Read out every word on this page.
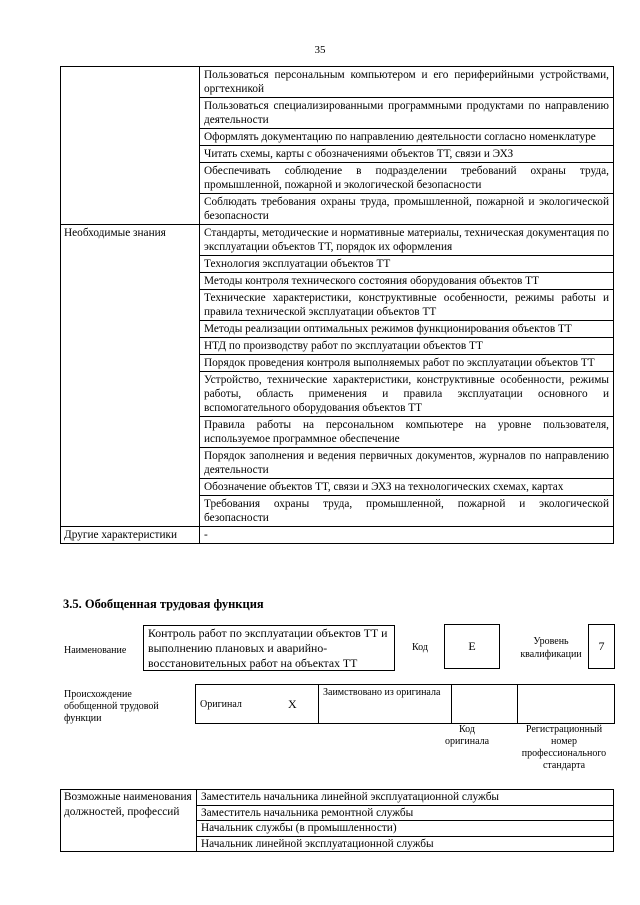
35
	Пользоваться персональным компьютером и его периферийными устройствами, оргтехникой
	Пользоваться специализированными программными продуктами по направлению деятельности
	Оформлять документацию по направлению деятельности согласно номенклатуре
	Читать схемы, карты с обозначениями объектов ТТ, связи и ЭХЗ
	Обеспечивать соблюдение в подразделении требований охраны труда, промышленной, пожарной и экологической безопасности
	Соблюдать требования охраны труда, промышленной, пожарной и экологической безопасности
Необходимые знания	Стандарты, методические и нормативные материалы, техническая документация по эксплуатации объектов ТТ, порядок их оформления
	Технология эксплуатации объектов ТТ
	Методы контроля технического состояния оборудования объектов ТТ
	Технические характеристики, конструктивные особенности, режимы работы и правила технической эксплуатации объектов ТТ
	Методы реализации оптимальных режимов функционирования объектов ТТ
	НТД по производству работ по эксплуатации объектов ТТ
	Порядок проведения контроля выполняемых работ по эксплуатации объектов ТТ
	Устройство, технические характеристики, конструктивные особенности, режимы работы, область применения и правила эксплуатации основного и вспомогательного оборудования объектов ТТ
	Правила работы на персональном компьютере на уровне пользователя, используемое программное обеспечение
	Порядок заполнения и ведения первичных документов, журналов по направлению деятельности
	Обозначение объектов ТТ, связи и ЭХЗ на технологических схемах, картах
	Требования охраны труда, промышленной, пожарной и экологической безопасности
Другие характеристики	-
3.5. Обобщенная трудовая функция
Наименование
Контроль работ по эксплуатации объектов ТТ и выполнению плановых и аварийно-восстановительных работ на объектах ТТ
Код	E	Уровень квалификации
7
Происхождение обобщенной трудовой функции
Оригинал	X	Заимствовано из оригинала		
Код оригинала
Регистрационный номер профессионального стандарта
Возможные наименования должностей, профессий	
Заместитель начальника линейной эксплуатационной службы
Заместитель начальника ремонтной службы
Начальник службы (в промышленности)
Начальник линейной эксплуатационной службы
